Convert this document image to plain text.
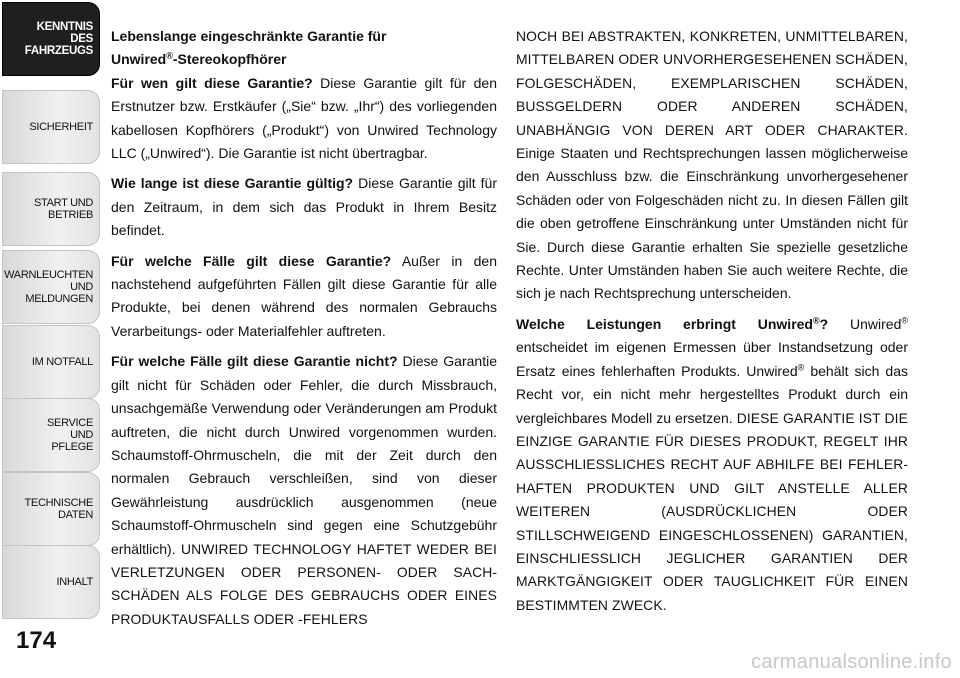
KENNTNIS
DES
FAHRZEUGS
SICHERHEIT
START UND
BETRIEB
WARNLEUCHTEN
UND
MELDUNGEN
IM NOTFALL
SERVICE
UND
PFLEGE
TECHNISCHE
DATEN
INHALT
174

Lebenslange eingeschränkte Garantie für
Unwired®-Stereokopfhörer

Für wen gilt diese Garantie? Diese Garantie gilt für den Erstnutzer bzw. Erstkäufer („Sie“ bzw. „Ihr“) des vorliegenden kabellosen Kopfhörers („Produkt“) von Unwired Technology LLC („Unwired“). Die Garantie ist nicht übertragbar.

Wie lange ist diese Garantie gültig? Diese Garantie gilt für den Zeitraum, in dem sich das Produkt in Ihrem Besitz befindet.

Für welche Fälle gilt diese Garantie? Außer in den nachstehend aufgeführten Fällen gilt diese Garantie für alle Produkte, bei denen während des normalen Gebrauchs Verarbeitungs- oder Materialfehler auftreten.

Für welche Fälle gilt diese Garantie nicht? Diese Garantie gilt nicht für Schäden oder Fehler, die durch Missbrauch, unsachgemäße Verwendung oder Veränderungen am Produkt auftreten, die nicht durch Unwired vorgenommen wurden. Schaumstoff-Ohrmuscheln, die mit der Zeit durch den normalen Gebrauch verschleißen, sind von dieser Gewährleistung ausdrücklich ausgenommen (neue Schaumstoff-Ohrmuscheln sind gegen eine Schutzgebühr erhältlich). UNWIRED TECHNOLOGY HAFTET WEDER BEI VERLETZUNGEN ODER PERSONEN- ODER SACHSCHÄDEN ALS FOLGE DES GEBRAUCHS ODER EINES PRODUKTAUSFALLS ODER -FEHLERS

NOCH BEI ABSTRAKTEN, KONKRETEN, UNMITTELBAREN, MITTELBAREN ODER UNVORHERGESEHENEN SCHÄDEN, FOLGESCHÄDEN, EXEMPLARISCHEN SCHÄDEN, BUSSGELDERN ODER ANDEREN SCHÄDEN, UNABHÄNGIG VON DEREN ART ODER CHARAKTER. Einige Staaten und Rechtsprechungen lassen möglicherweise den Ausschluss bzw. die Einschränkung unvorhergesehener Schäden oder von Folgeschäden nicht zu. In diesen Fällen gilt die oben getroffene Einschränkung unter Umständen nicht für Sie. Durch diese Garantie erhalten Sie spezielle gesetzliche Rechte. Unter Umständen haben Sie auch weitere Rechte, die sich je nach Rechtsprechung unterscheiden.

Welche Leistungen erbringt Unwired®? Unwired® entscheidet im eigenen Ermessen über Instandsetzung oder Ersatz eines fehlerhaften Produkts. Unwired® behält sich das Recht vor, ein nicht mehr hergestelltes Produkt durch ein vergleichbares Modell zu ersetzen. DIESE GARANTIE IST DIE EINZIGE GARANTIE FÜR DIESES PRODUKT, REGELT IHR AUSSCHLIESSLICHES RECHT AUF ABHILFE BEI FEHLERHAFTEN PRODUKTEN UND GILT ANSTELLE ALLER WEITEREN (AUSDRÜCKLICHEN ODER STILLSCHWEIGEND EINGESCHLOSSENEN) GARANTIEN, EINSCHLIESSLICH JEGLICHER GARANTIEN DER MARKTGÄNGIGKEIT ODER TAUGLICHKEIT FÜR EINEN BESTIMMTEN ZWECK.

carmanualsonline.info
